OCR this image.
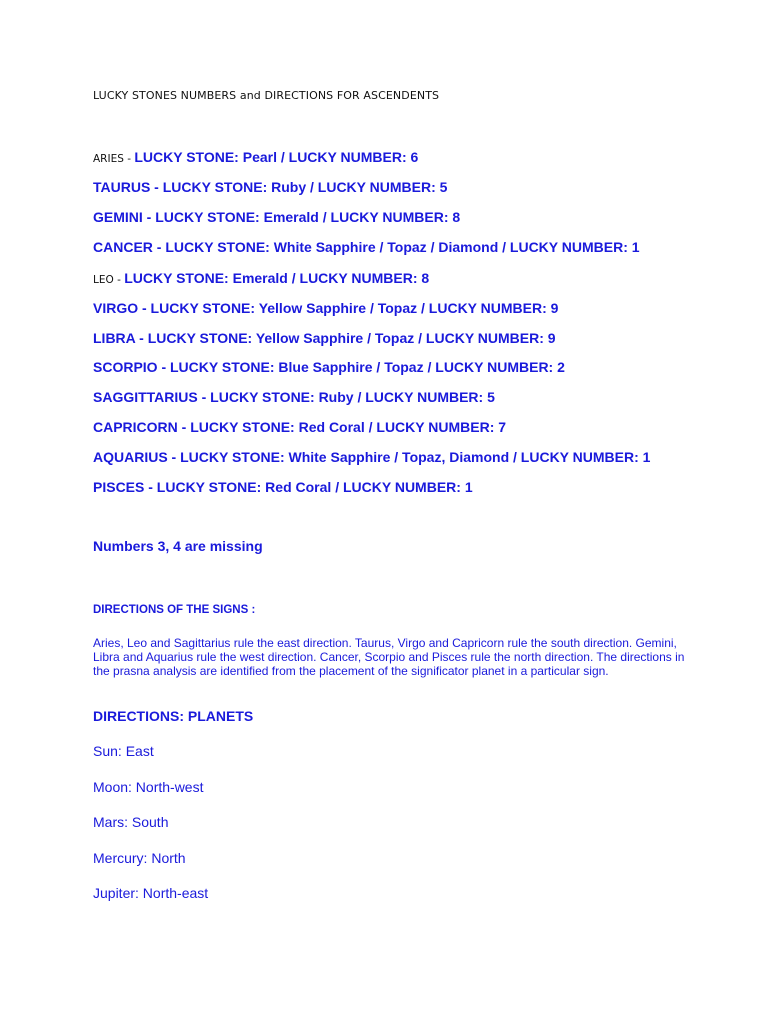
LUCKY STONES NUMBERS and DIRECTIONS FOR ASCENDENTS
ARIES - LUCKY STONE: Pearl / LUCKY NUMBER: 6
TAURUS - LUCKY STONE: Ruby / LUCKY NUMBER: 5
GEMINI - LUCKY STONE: Emerald / LUCKY NUMBER: 8
CANCER - LUCKY STONE: White Sapphire / Topaz / Diamond / LUCKY NUMBER: 1
LEO - LUCKY STONE: Emerald / LUCKY NUMBER: 8
VIRGO - LUCKY STONE: Yellow Sapphire / Topaz / LUCKY NUMBER: 9
LIBRA - LUCKY STONE: Yellow Sapphire / Topaz / LUCKY NUMBER: 9
SCORPIO - LUCKY STONE: Blue Sapphire / Topaz / LUCKY NUMBER: 2
SAGGITTARIUS - LUCKY STONE: Ruby / LUCKY NUMBER: 5
CAPRICORN - LUCKY STONE: Red Coral / LUCKY NUMBER: 7
AQUARIUS - LUCKY STONE: White Sapphire / Topaz, Diamond / LUCKY NUMBER: 1
PISCES - LUCKY STONE: Red Coral / LUCKY NUMBER: 1
Numbers 3, 4 are missing
DIRECTIONS OF THE SIGNS :
Aries, Leo and Sagittarius rule the east direction. Taurus, Virgo and Capricorn rule the south direction. Gemini, Libra and Aquarius rule the west direction. Cancer, Scorpio and Pisces rule the north direction. The directions in the prasna analysis are identified from the placement of the significator planet in a particular sign.
DIRECTIONS: PLANETS
Sun: East
Moon: North-west
Mars: South
Mercury: North
Jupiter: North-east
